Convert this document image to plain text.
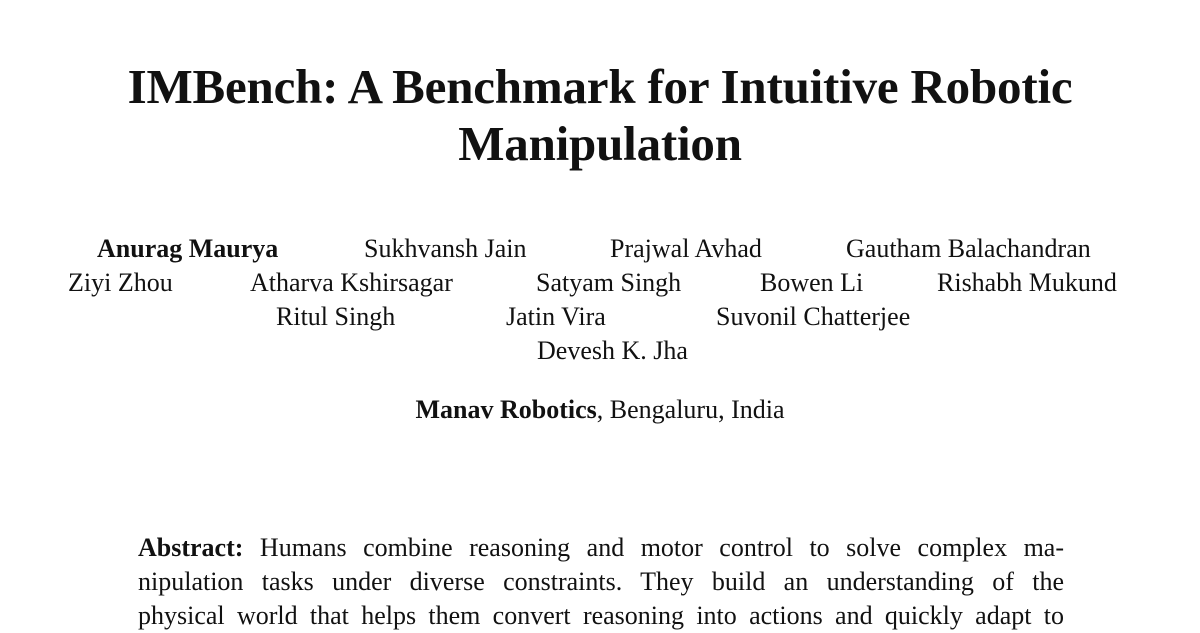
IMBench: A Benchmark for Intuitive Robotic
Manipulation
Anurag Maurya	Sukhvansh Jain	Prajwal Avhad	Gautham Balachandran
Ziyi Zhou	Atharva Kshirsagar	Satyam Singh	Bowen Li	Rishabh Mukund
Ritul Singh	Jatin Vira	Suvonil Chatterjee
Devesh K. Jha
Manav Robotics, Bengaluru, India
Abstract: Humans combine reasoning and motor control to solve complex ma-
nipulation tasks under diverse constraints. They build an understanding of the
physical world that helps them convert reasoning into actions and quickly adapt to
